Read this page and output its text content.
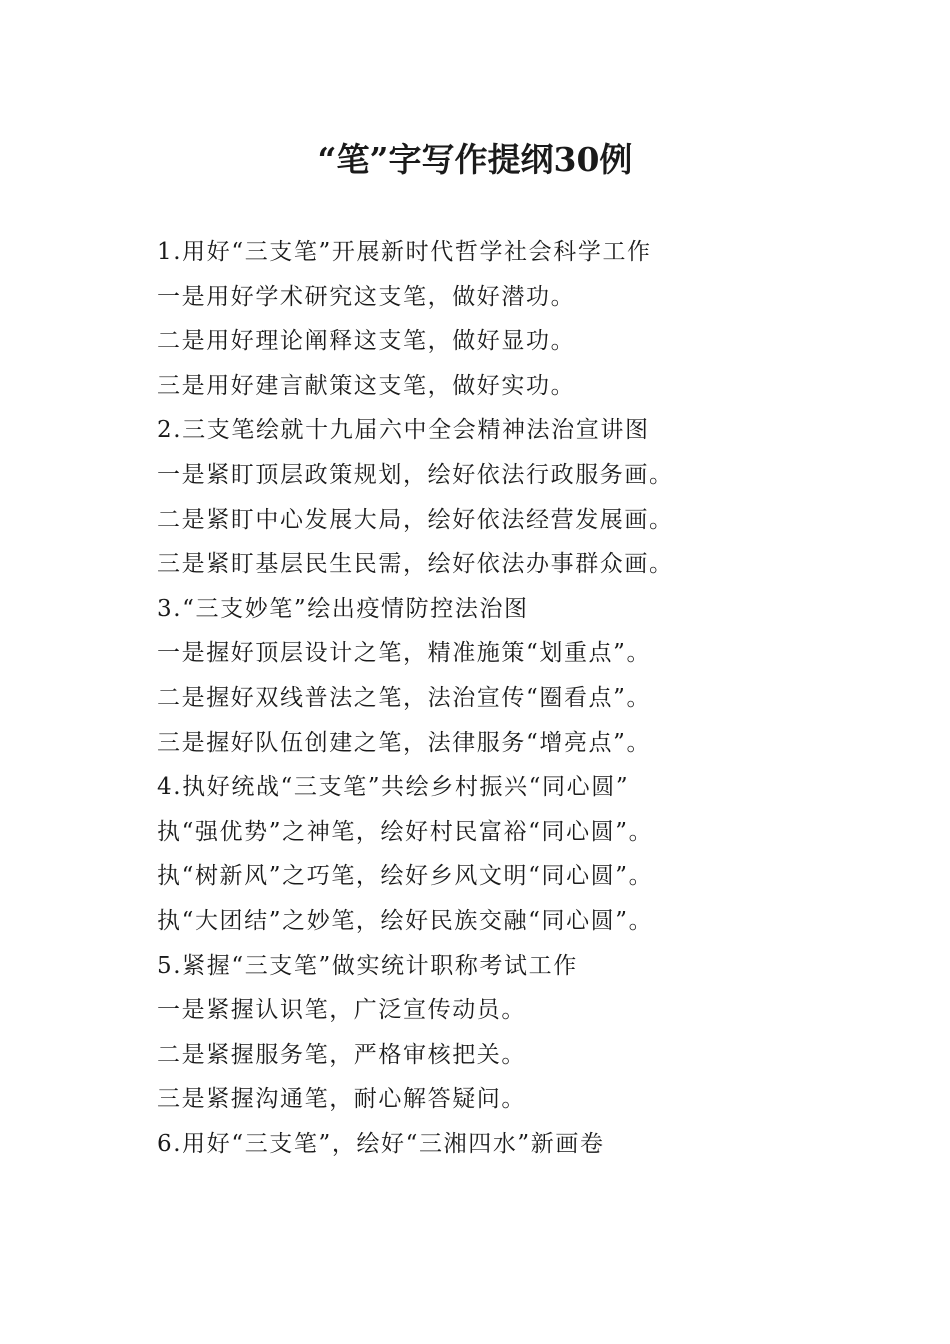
“笔”字写作提纲30例
1.用好“三支笔”开展新时代哲学社会科学工作
一是用好学术研究这支笔，做好潜功。
二是用好理论阐释这支笔，做好显功。
三是用好建言献策这支笔，做好实功。
2.三支笔绘就十九届六中全会精神法治宣讲图
一是紧盯顶层政策规划，绘好依法行政服务画。
二是紧盯中心发展大局，绘好依法经营发展画。
三是紧盯基层民生民需，绘好依法办事群众画。
3.“三支妙笔”绘出疫情防控法治图
一是握好顶层设计之笔，精准施策“划重点”。
二是握好双线普法之笔，法治宣传“圈看点”。
三是握好队伍创建之笔，法律服务“增亮点”。
4.执好统战“三支笔”共绘乡村振兴“同心圆”
执“强优势”之神笔，绘好村民富裕“同心圆”。
执“树新风”之巧笔，绘好乡风文明“同心圆”。
执“大团结”之妙笔，绘好民族交融“同心圆”。
5.紧握“三支笔”做实统计职称考试工作
一是紧握认识笔，广泛宣传动员。
二是紧握服务笔，严格审核把关。
三是紧握沟通笔，耐心解答疑问。
6.用好“三支笔”，绘好“三湘四水”新画卷
